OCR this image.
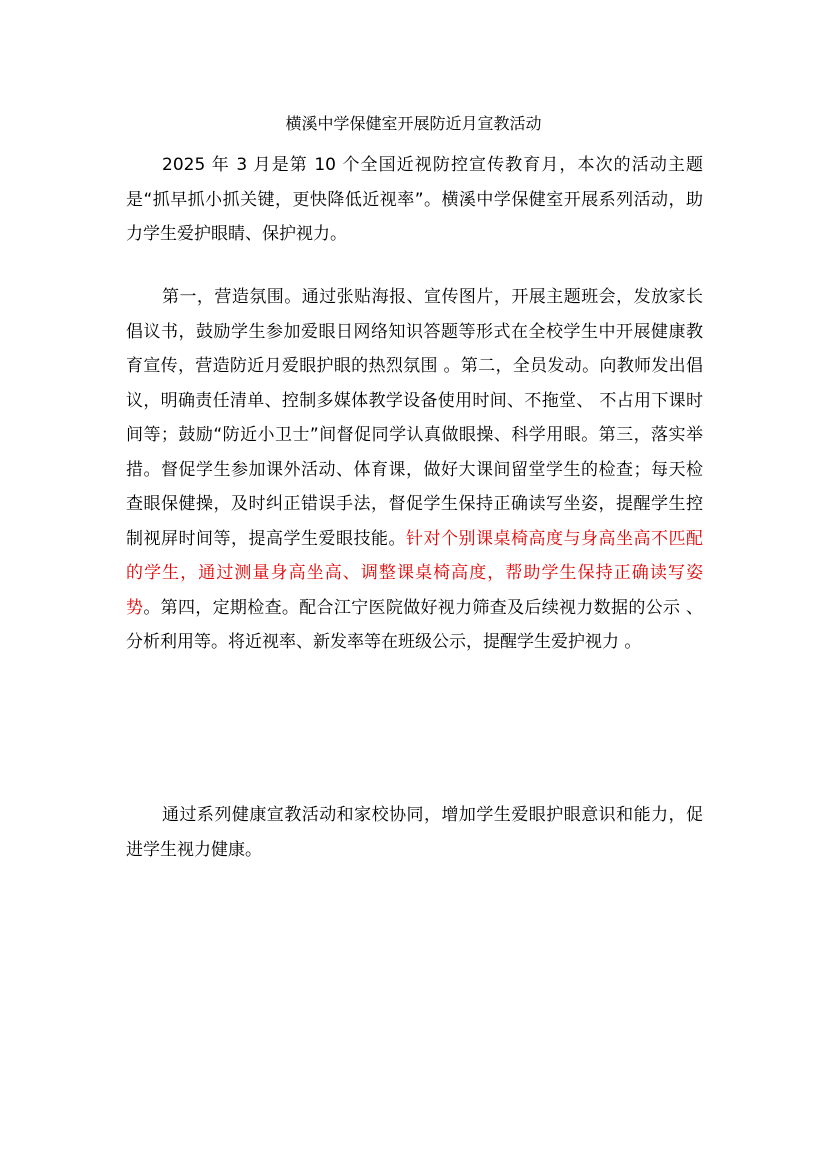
横溪中学保健室开展防近月宣教活动

2025 年 3 月是第 10 个全国近视防控宣传教育月，本次的活动主题是“抓早抓小抓关键，更快降低近视率”。横溪中学保健室开展系列活动，助力学生爱护眼睛、保护视力。

第一，营造氛围。通过张贴海报、宣传图片，开展主题班会，发放家长倡议书，鼓励学生参加爱眼日网络知识答题等形式在全校学生中开展健康教育宣传，营造防近月爱眼护眼的热烈氛围 。第二，全员发动。向教师发出倡议，明确责任清单、控制多媒体教学设备使用时间、不拖堂、 不占用下课时间等；鼓励“防近小卫士”间督促同学认真做眼操、科学用眼。第三，落实举措。督促学生参加课外活动、体育课，做好大课间留堂学生的检查；每天检查眼保健操，及时纠正错误手法，督促学生保持正确读写坐姿，提醒学生控制视屏时间等，提高学生爱眼技能。针对个别课桌椅高度与身高坐高不匹配的学生，通过测量身高坐高、调整课桌椅高度，帮助学生保持正确读写姿势。第四，定期检查。配合江宁医院做好视力筛查及后续视力数据的公示 、分析利用等。将近视率、新发率等在班级公示，提醒学生爱护视力 。

通过系列健康宣教活动和家校协同，增加学生爱眼护眼意识和能力，促进学生视力健康。
